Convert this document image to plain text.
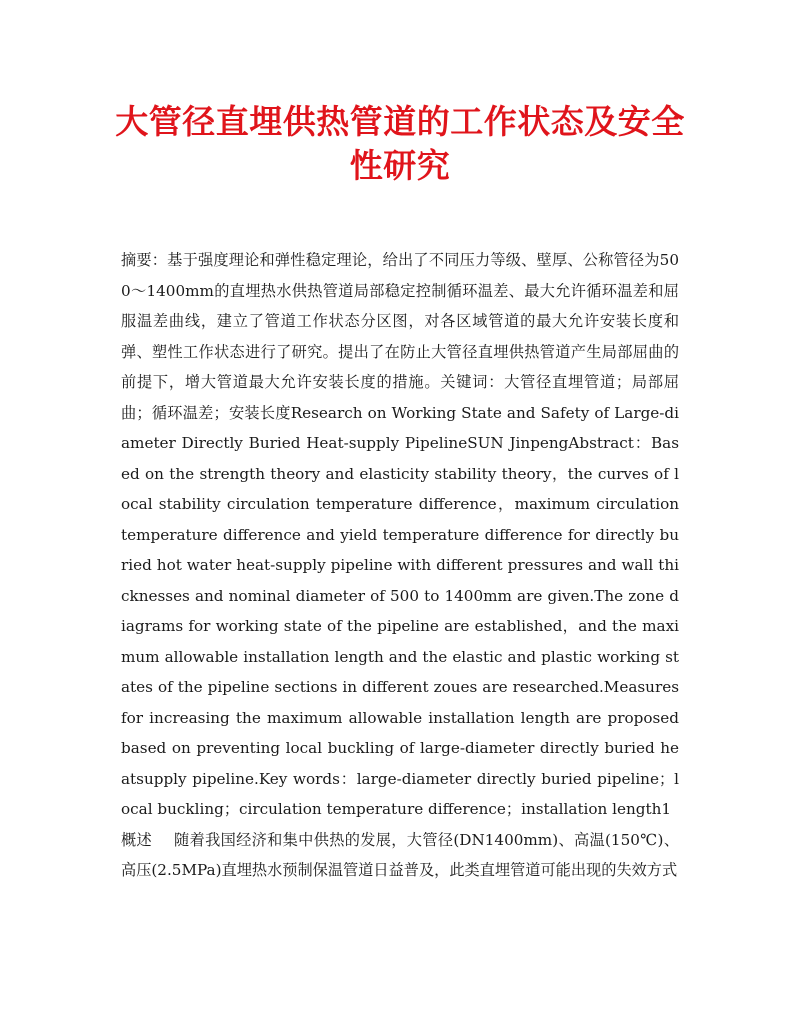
大管径直埋供热管道的工作状态及安全性研究

摘要：基于强度理论和弹性稳定理论，给出了不同压力等级、壁厚、公称管径为500～1400mm的直埋热水供热管道局部稳定控制循环温差、最大允许循环温差和屈服温差曲线，建立了管道工作状态分区图，对各区域管道的最大允许安装长度和弹、塑性工作状态进行了研究。提出了在防止大管径直埋供热管道产生局部屈曲的前提下，增大管道最大允许安装长度的措施。关键词：大管径直埋管道；局部屈曲；循环温差；安装长度Research on Working State and Safety of Large-diameter Directly Buried Heat-supply PipelineSUN JinpengAbstract：Based on the strength theory and elasticity stability theory，the curves of local stability circulation temperature difference，maximum circulation temperature difference and yield temperature difference for directly buried hot water heat-supply pipeline with different pressures and wall thicknesses and nominal diameter of 500 to 1400mm are given.The zone diagrams for working state of the pipeline are established，and the maximum allowable installation length and the elastic and plastic working states of the pipeline sections in different zoues are researched.Measures for increasing the maximum allowable installation length are proposed based on preventing local buckling of large-diameter directly buried heatsupply pipeline.Key words：large-diameter directly buried pipeline；local buckling；circulation temperature difference；installation length1

概述 随着我国经济和集中供热的发展，大管径(DN1400mm)、高温(150℃)、高压(2.5MPa)直埋热水预制保温管道日益普及，此类直埋管道可能出现的失效方式
